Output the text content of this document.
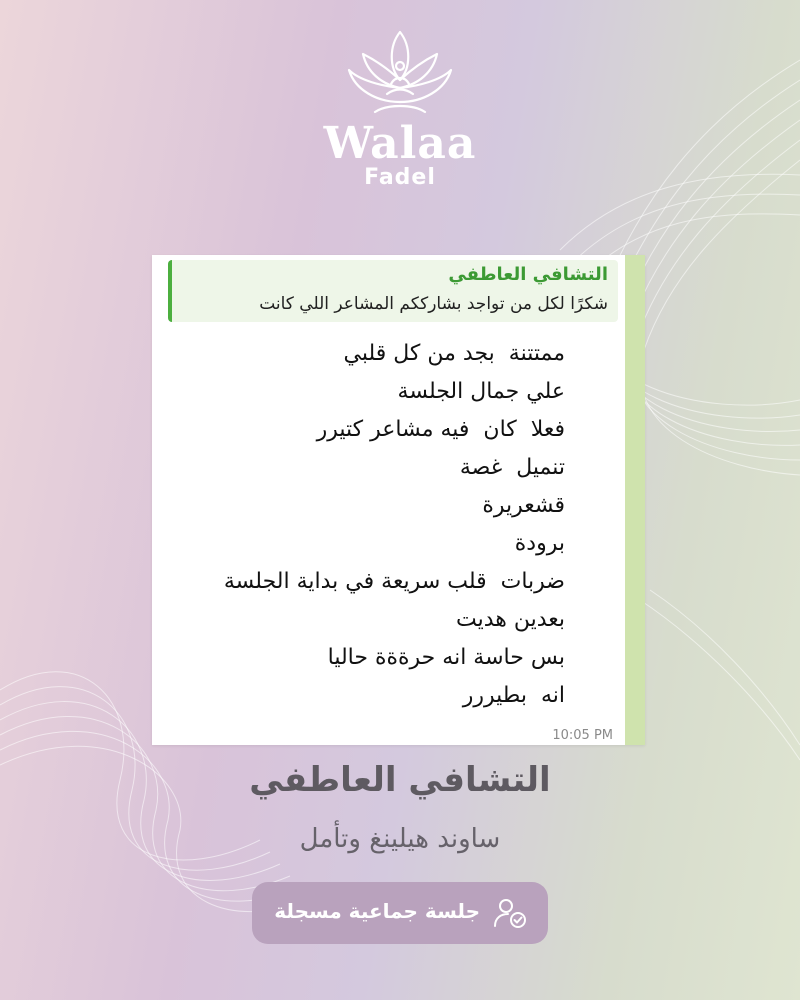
Walaa
Fadel
التشافي العاطفي
شكرًا لكل من تواجد بشارككم المشاعر اللي كانت
ممتتنة  بجد من كل قلبي
علي جمال الجلسة
فعلا  كان  فيه مشاعر كتيرر
تنميل  غصة
قشعريرة
برودة
ضربات  قلب سريعة في بداية الجلسة
بعدين هديت
بس حاسة انه حرةةة حاليا
انه  بطيررر
10:05 PM
التشافي العاطفي
ساوند هيلينغ وتأمل
جلسة جماعية مسجلة
